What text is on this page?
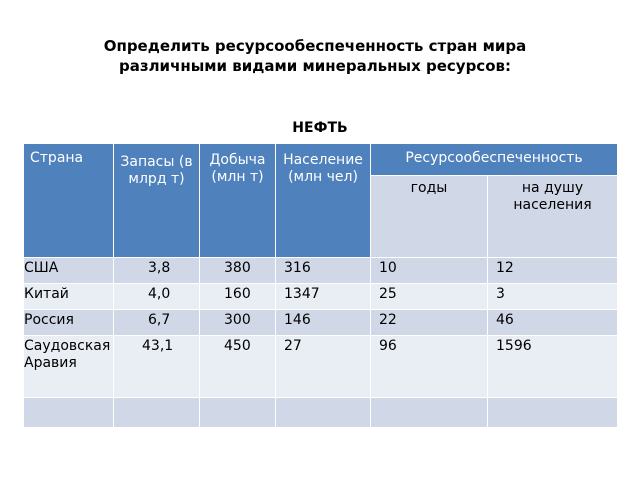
Определить ресурсообеспеченность стран мира различными видами минеральных ресурсов:
НЕФТЬ
Страна	Запасы (в млрд т)	Добыча (млн т)	Население (млн чел)	Ресурсообеспеченность	
				годы	на душу населения
США	3,8	380	316	10	12
Китай	4,0	160	1347	25	3
Россия	6,7	300	146	22	46
Саудовская Аравия	43,1	450	27	96	1596
